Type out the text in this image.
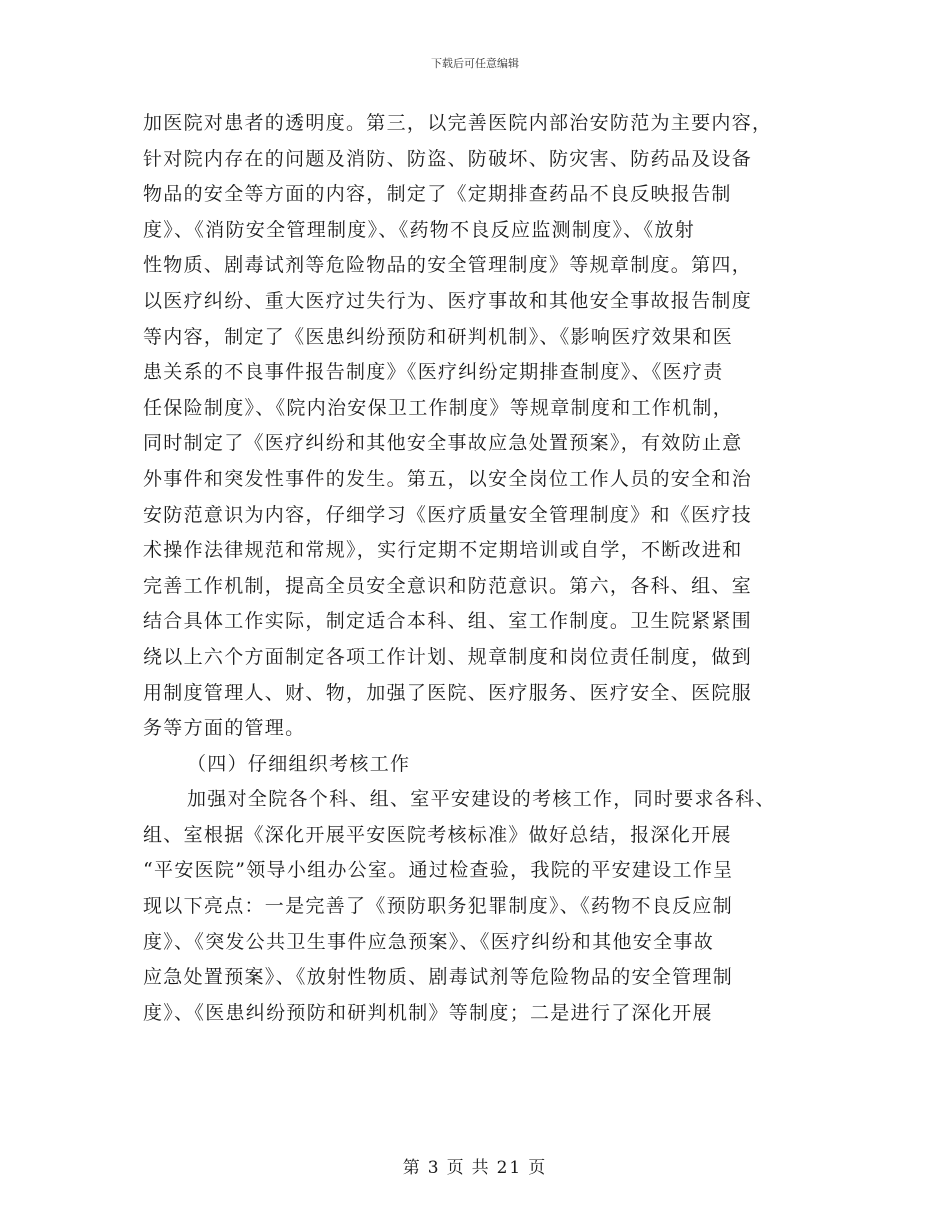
下载后可任意编辑
加医院对患者的透明度。第三，以完善医院内部治安防范为主要内容，
针对院内存在的问题及消防、防盗、防破坏、防灾害、防药品及设备
物品的安全等方面的内容，制定了《定期排查药品不良反映报告制
度》、《消防安全管理制度》、《药物不良反应监测制度》、《放射
性物质、剧毒试剂等危险物品的安全管理制度》等规章制度。第四，
以医疗纠纷、重大医疗过失行为、医疗事故和其他安全事故报告制度
等内容，制定了《医患纠纷预防和研判机制》、《影响医疗效果和医
患关系的不良事件报告制度》《医疗纠纷定期排查制度》、《医疗责
任保险制度》、《院内治安保卫工作制度》等规章制度和工作机制，
同时制定了《医疗纠纷和其他安全事故应急处置预案》，有效防止意
外事件和突发性事件的发生。第五，以安全岗位工作人员的安全和治
安防范意识为内容，仔细学习《医疗质量安全管理制度》和《医疗技
术操作法律规范和常规》，实行定期不定期培训或自学，不断改进和
完善工作机制，提高全员安全意识和防范意识。第六，各科、组、室
结合具体工作实际，制定适合本科、组、室工作制度。卫生院紧紧围
绕以上六个方面制定各项工作计划、规章制度和岗位责任制度，做到
用制度管理人、财、物，加强了医院、医疗服务、医疗安全、医院服
务等方面的管理。
（四）仔细组织考核工作
加强对全院各个科、组、室平安建设的考核工作，同时要求各科、
组、室根据《深化开展平安医院考核标准》做好总结，报深化开展
“平安医院”领导小组办公室。通过检查验，我院的平安建设工作呈
现以下亮点：一是完善了《预防职务犯罪制度》、《药物不良反应制
度》、《突发公共卫生事件应急预案》、《医疗纠纷和其他安全事故
应急处置预案》、《放射性物质、剧毒试剂等危险物品的安全管理制
度》、《医患纠纷预防和研判机制》等制度；二是进行了深化开展
第 3 页 共 21 页
